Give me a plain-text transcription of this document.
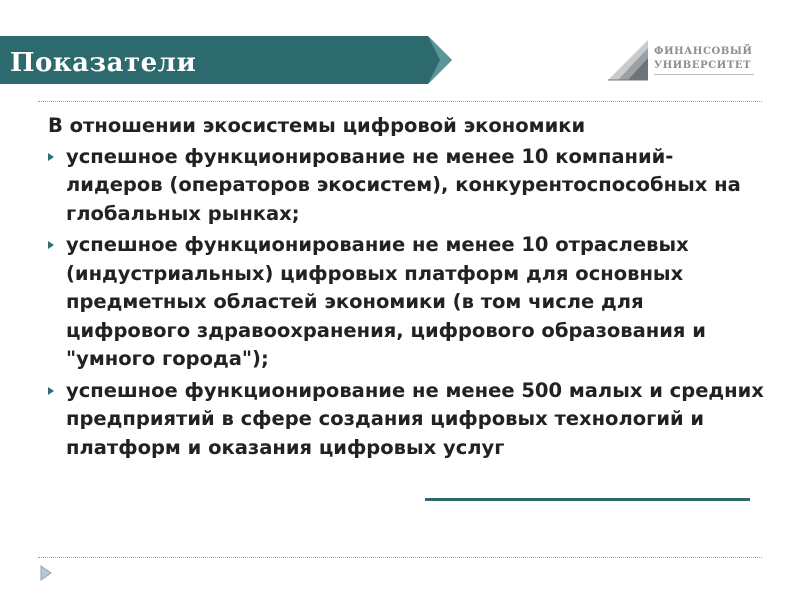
Показатели	ФИНАНСОВЫЙ
УНИВЕРСИТЕТ
В отношении экосистемы цифровой экономики
успешное функционирование не менее 10 компаний-лидеров (операторов экосистем), конкурентоспособных на глобальных рынках;
успешное функционирование не менее 10 отраслевых (индустриальных) цифровых платформ для основных предметных областей экономики (в том числе для цифрового здравоохранения, цифрового образования и "умного города");
успешное функционирование не менее 500 малых и средних предприятий в сфере создания цифровых технологий и платформ и оказания цифровых услуг
